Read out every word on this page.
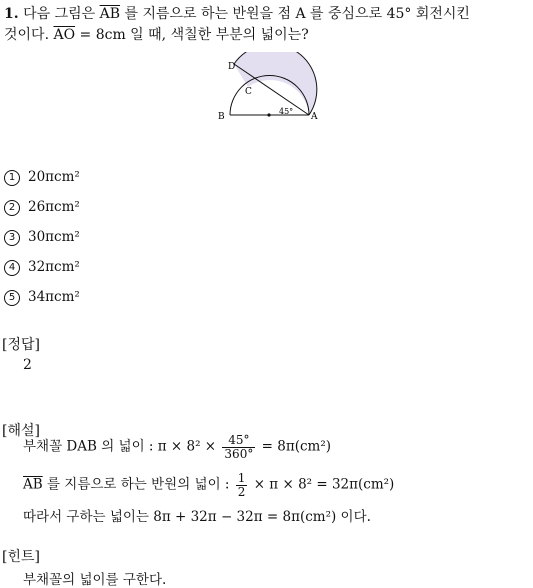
1. 다음 그림은 $\overline{AB}$ 를 지름으로 하는 반원을 점 A 를 중심으로 45° 회전시킨
것이다. $\overline{AO} = 8cm$ 일 때, 색칠한 부분의 넓이는?
D
C
B	A
45°
1 20πcm²
2 26πcm²
3 30πcm²
4 32πcm²
5 34πcm²
[정답]
2
[해설]
부채꼴 DAB 의 넓이 : $\pi \times 8^2 \times \frac{45^\circ}{360^\circ} = 8\pi(cm^2)$
$\overline{AB}$ 를 지름으로 하는 반원의 넓이 : $\frac{1}{2} \times \pi \times 8^2 = 32\pi(cm^2)$
따라서 구하는 넓이는 8π + 32π − 32π = 8π(cm²) 이다.
[힌트]
부채꼴의 넓이를 구한다.
